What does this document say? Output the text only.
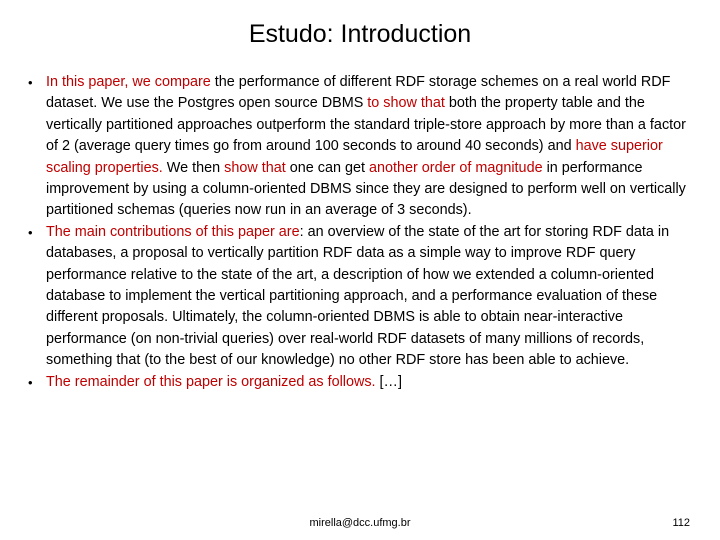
Estudo: Introduction
• In this paper, we compare the performance of different RDF storage schemes on a real world RDF dataset. We use the Postgres open source DBMS to show that both the property table and the vertically partitioned approaches outperform the standard triple-store approach by more than a factor of 2 (average query times go from around 100 seconds to around 40 seconds) and have superior scaling properties. We then show that one can get another order of magnitude in performance improvement by using a column-oriented DBMS since they are designed to perform well on vertically partitioned schemas (queries now run in an average of 3 seconds).
• The main contributions of this paper are: an overview of the state of the art for storing RDF data in databases, a proposal to vertically partition RDF data as a simple way to improve RDF query performance relative to the state of the art, a description of how we extended a column-oriented database to implement the vertical partitioning approach, and a performance evaluation of these different proposals. Ultimately, the column-oriented DBMS is able to obtain near-interactive performance (on non-trivial queries) over real-world RDF datasets of many millions of records, something that (to the best of our knowledge) no other RDF store has been able to achieve.
• The remainder of this paper is organized as follows. […]
mirella@dcc.ufmg.br	112
